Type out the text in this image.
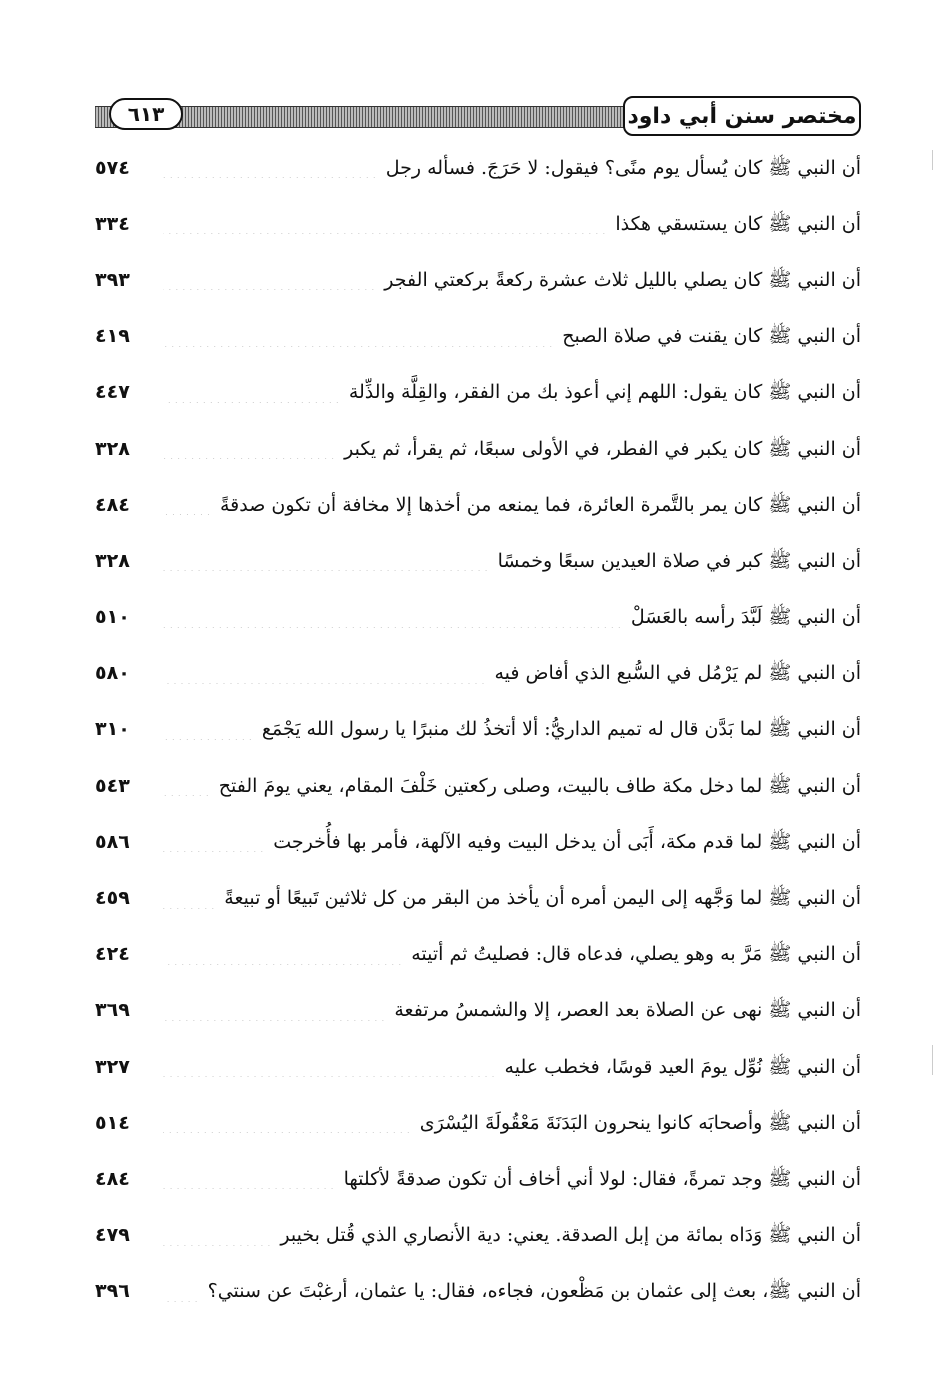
٦١٣	مختصر سنن أبي داود
أن النبي ﷺ كان يُسأل يوم منًى؟ فيقول: لا حَرَجَ. فسأله رجل
٥٧٤
أن النبي ﷺ كان يستسقي هكذا
٣٣٤
أن النبي ﷺ كان يصلي بالليل ثلاث عشرة ركعةً بركعتي الفجر
٣٩٣
أن النبي ﷺ كان يقنت في صلاة الصبح
٤١٩
أن النبي ﷺ كان يقول: اللهم إني أعوذ بك من الفقر، والقِلَّة والذِّلة
٤٤٧
أن النبي ﷺ كان يكبر في الفطر، في الأولى سبعًا، ثم يقرأ، ثم يكبر
٣٢٨
أن النبي ﷺ كان يمر بالتَّمرة العائرة، فما يمنعه من أخذها إلا مخافة أن تكون صدقةً
٤٨٤
أن النبي ﷺ كبر في صلاة العيدين سبعًا وخمسًا
٣٢٨
أن النبي ﷺ لَبَّدَ رأسه بالعَسَلْ
٥١٠
أن النبي ﷺ لم يَرْمُل في السُّبع الذي أفاض فيه
٥٨٠
أن النبي ﷺ لما بَدَّن قال له تميم الداريُّ: ألا أتخذُ لك منبرًا يا رسول الله يَجْمَع
٣١٠
أن النبي ﷺ لما دخل مكة طاف بالبيت، وصلى ركعتين خَلْفَ المقام، يعني يومَ الفتح
٥٤٣
أن النبي ﷺ لما قدم مكة، أَبَى أن يدخل البيت وفيه الآلهة، فأمر بها فأُخرجت
٥٨٦
أن النبي ﷺ لما وَجَّهه إلى اليمن أمره أن يأخذ من البقر من كل ثلاثين تَبيعًا أو تبيعةً
٤٥٩
أن النبي ﷺ مَرَّ به وهو يصلي، فدعاه قال: فصليتُ ثم أتيته
٤٢٤
أن النبي ﷺ نهى عن الصلاة بعد العصر، إلا والشمسُ مرتفعة
٣٦٩
أن النبي ﷺ نُوِّل يومَ العيد قوسًا، فخطب عليه
٣٢٧
أن النبي ﷺ وأصحابَه كانوا ينحرون البَدَنَةَ مَعْقُولَةَ اليُسْرَى
٥١٤
أن النبي ﷺ وجد تمرةً، فقال: لولا أني أخاف أن تكون صدقةً لأكلتها
٤٨٤
أن النبي ﷺ وَدَاه بمائة من إبل الصدقة. يعني: دية الأنصاري الذي قُتل بخيبر
٤٧٩
أن النبي ﷺ، بعث إلى عثمان بن مَظْعون، فجاءه، فقال: يا عثمان، أرغبْتَ عن سنتي؟
٣٩٦
